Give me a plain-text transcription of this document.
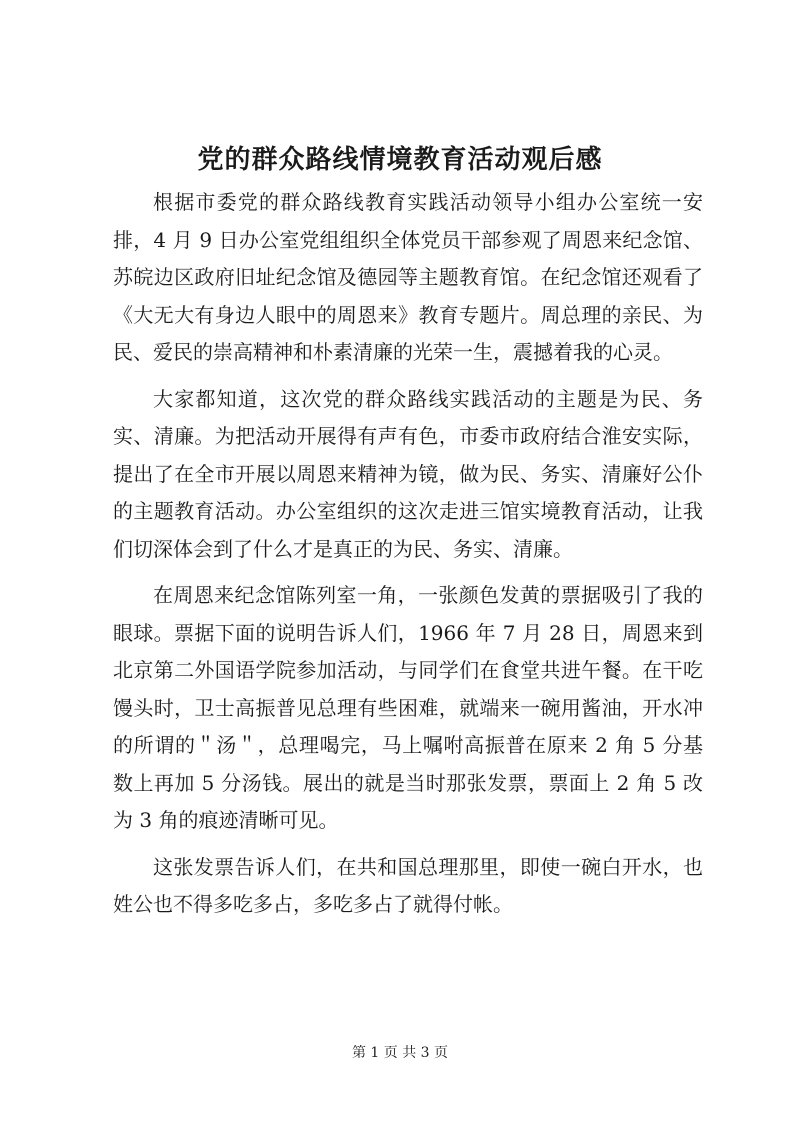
党的群众路线情境教育活动观后感

根据市委党的群众路线教育实践活动领导小组办公室统一安排，4 月 9 日办公室党组组织全体党员干部参观了周恩来纪念馆、苏皖边区政府旧址纪念馆及德园等主题教育馆。在纪念馆还观看了《大无大有身边人眼中的周恩来》教育专题片。周总理的亲民、为民、爱民的崇高精神和朴素清廉的光荣一生，震撼着我的心灵。

大家都知道，这次党的群众路线实践活动的主题是为民、务实、清廉。为把活动开展得有声有色，市委市政府结合淮安实际，提出了在全市开展以周恩来精神为镜，做为民、务实、清廉好公仆的主题教育活动。办公室组织的这次走进三馆实境教育活动，让我们切深体会到了什么才是真正的为民、务实、清廉。

在周恩来纪念馆陈列室一角，一张颜色发黄的票据吸引了我的眼球。票据下面的说明告诉人们，1966 年 7 月 28 日，周恩来到北京第二外国语学院参加活动，与同学们在食堂共进午餐。在干吃馒头时，卫士高振普见总理有些困难，就端来一碗用酱油，开水冲的所谓的＂汤＂，总理喝完，马上嘱咐高振普在原来 2 角 5 分基数上再加 5 分汤钱。展出的就是当时那张发票，票面上 2 角 5 改为 3 角的痕迹清晰可见。

这张发票告诉人们，在共和国总理那里，即使一碗白开水，也姓公也不得多吃多占，多吃多占了就得付帐。

第 1 页 共 3 页
